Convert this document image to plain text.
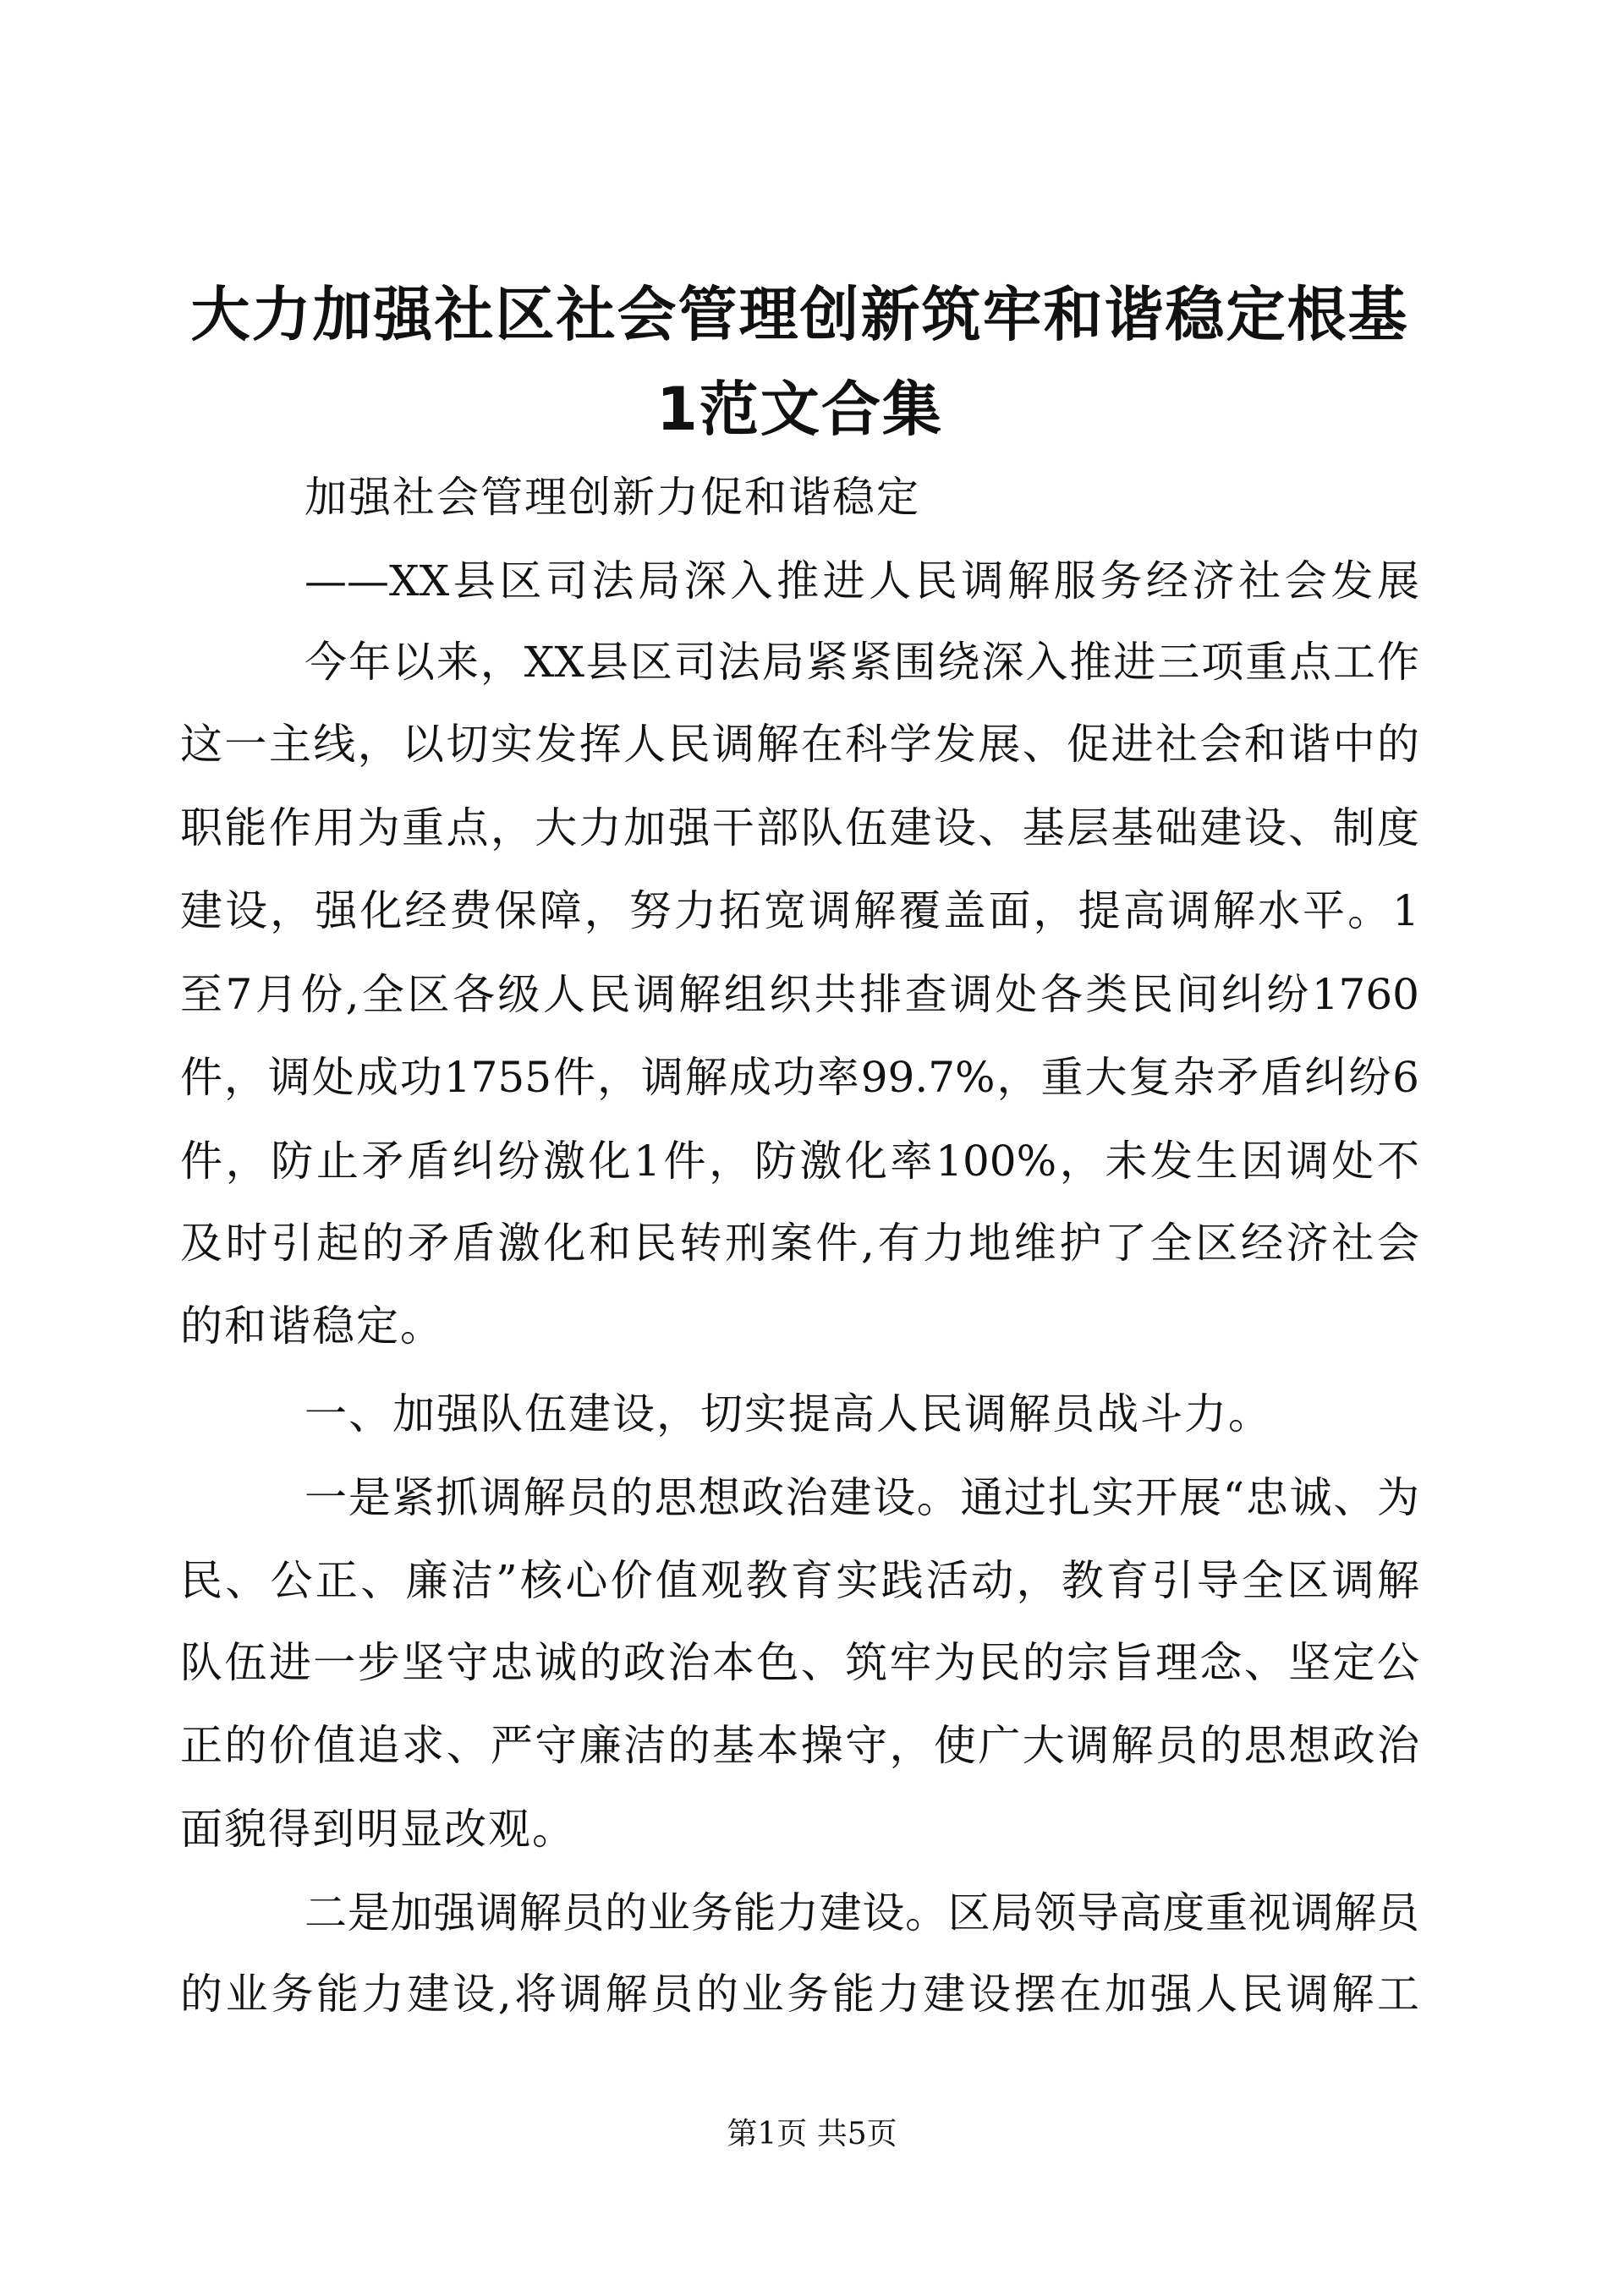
大力加强社区社会管理创新筑牢和谐稳定根基
1范文合集
加强社会管理创新力促和谐稳定
——XX县区司法局深入推进人民调解服务经济社会发展
今年以来，XX县区司法局紧紧围绕深入推进三项重点工作
这一主线，以切实发挥人民调解在科学发展、促进社会和谐中的
职能作用为重点，大力加强干部队伍建设、基层基础建设、制度
建设，强化经费保障，努力拓宽调解覆盖面，提高调解水平。1
至7月份,全区各级人民调解组织共排查调处各类民间纠纷1760
件，调处成功1755件，调解成功率99.7%，重大复杂矛盾纠纷6
件，防止矛盾纠纷激化1件，防激化率100%，未发生因调处不
及时引起的矛盾激化和民转刑案件,有力地维护了全区经济社会
的和谐稳定。
一、加强队伍建设，切实提高人民调解员战斗力。
一是紧抓调解员的思想政治建设。通过扎实开展“忠诚、为
民、公正、廉洁”核心价值观教育实践活动，教育引导全区调解
队伍进一步坚守忠诚的政治本色、筑牢为民的宗旨理念、坚定公
正的价值追求、严守廉洁的基本操守，使广大调解员的思想政治
面貌得到明显改观。
二是加强调解员的业务能力建设。区局领导高度重视调解员
的业务能力建设,将调解员的业务能力建设摆在加强人民调解工
第1页 共5页
